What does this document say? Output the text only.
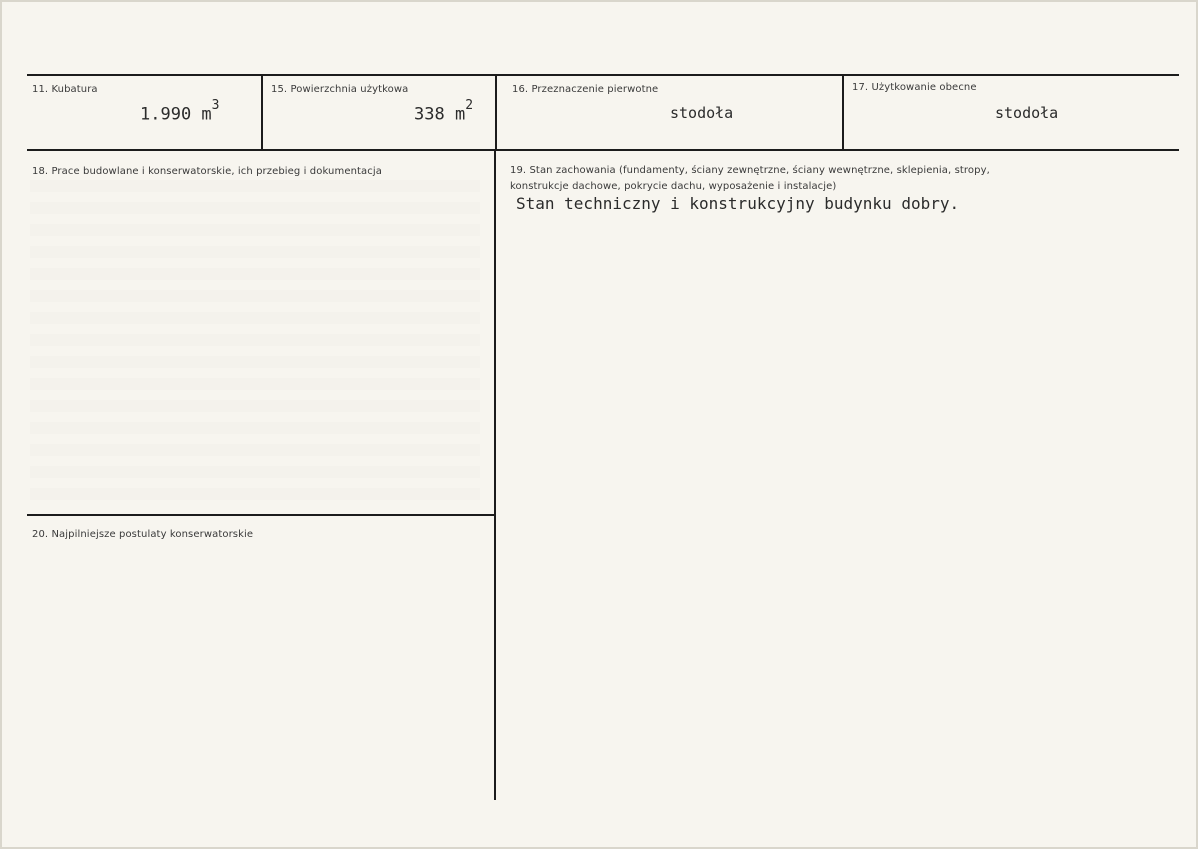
11. Kubatura
1.990 $m^3$
15. Powierzchnia użytkowa
338 $m^2$
16. Przeznaczenie pierwotne
stodoła
17. Użytkowanie obecne
stodoła
18. Prace budowlane i konserwatorskie, ich przebieg i dokumentacja	19. Stan zachowania (fundamenty, ściany zewnętrzne, ściany wewnętrzne, sklepienia, stropy,
konstrukcje dachowe, pokrycie dachu, wyposażenie i instalacje)
Stan techniczny i konstrukcyjny budynku dobry.
20. Najpilniejsze postulaty konserwatorskie
